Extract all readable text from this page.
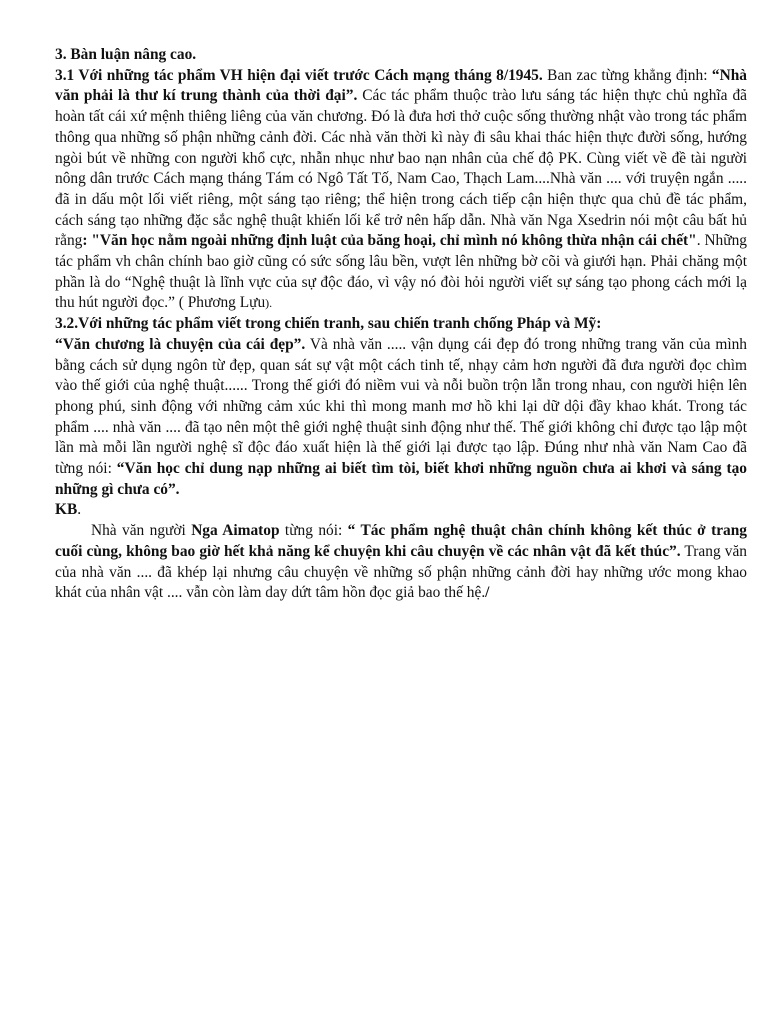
3. Bàn luận nâng cao.

3.1 Với những tác phẩm VH hiện đại viết trước Cách mạng tháng 8/1945. Ban zac từng khẳng định: “Nhà văn phải là thư kí trung thành của thời đại”. Các tác phẩm thuộc trào lưu sáng tác hiện thực chủ nghĩa đã hoàn tất cái xứ mệnh thiêng liêng của văn chương. Đó là đưa hơi thở cuộc sống thường nhật vào trong tác phẩm thông qua những số phận những cảnh đời. Các nhà văn thời kì này đi sâu khai thác hiện thực đười sống, hướng ngòi bút về những con người khổ cực, nhẫn nhục như bao nạn nhân của chế độ PK. Cùng viết về đề tài người nông dân trước Cách mạng tháng Tám có Ngô Tất Tố, Nam Cao, Thạch Lam....Nhà văn .... với truyện ngắn ..... đã in dấu một lối viết riêng, một sáng tạo riêng; thể hiện trong cách tiếp cận hiện thực qua chủ đề tác phẩm, cách sáng tạo những đặc sắc nghệ thuật khiến lối kể trở nên hấp dẫn. Nhà văn Nga Xsedrin nói một câu bất hủ rằng: "Văn học nằm ngoài những định luật của băng hoại, chỉ mình nó không thừa nhận cái chết". Những tác phẩm vh chân chính bao giờ cũng có sức sống lâu bền, vượt lên những bờ cõi và giưới hạn. Phải chăng một phần là do “Nghệ thuật là lĩnh vực của sự độc đáo, vì vậy nó đòi hỏi người viết sự sáng tạo phong cách mới lạ thu hút người đọc.” ( Phương Lựu).

3.2.Với những tác phẩm viết trong chiến tranh, sau chiến tranh chống Pháp và Mỹ:

“Văn chương là chuyện của cái đẹp”. Và nhà văn ..... vận dụng cái đẹp đó trong những trang văn của mình bằng cách sử dụng ngôn từ đẹp, quan sát sự vật một cách tinh tế, nhạy cảm hơn người đã đưa người đọc chìm vào thế giới của nghệ thuật...... Trong thế giới đó niềm vui và nỗi buồn trộn lẫn trong nhau, con người hiện lên phong phú, sinh động với những cảm xúc khi thì mong manh mơ hồ khi lại dữ dội đầy khao khát. Trong tác phẩm .... nhà văn .... đã tạo nên một thê giới nghệ thuật sinh động như thế. Thế giới không chỉ được tạo lập một lần mà mỗi lần người nghệ sĩ độc đáo xuất hiện là thế giới lại được tạo lập. Đúng như nhà văn Nam Cao đã từng nói: “Văn học chỉ dung nạp những ai biết tìm tòi, biết khơi những nguồn chưa ai khơi và sáng tạo những gì chưa có”.

KB.

Nhà văn người Nga Aimatop từng nói: “ Tác phẩm nghệ thuật chân chính không kết thúc ở trang cuối cùng, không bao giờ hết khả năng kể chuyện khi câu chuyện về các nhân vật đã kết thúc”. Trang văn của nhà văn .... đã khép lại nhưng câu chuyện về những số phận những cảnh đời hay những ước mong khao khát của nhân vật .... vẫn còn làm day dứt tâm hồn đọc giả bao thế hệ./
